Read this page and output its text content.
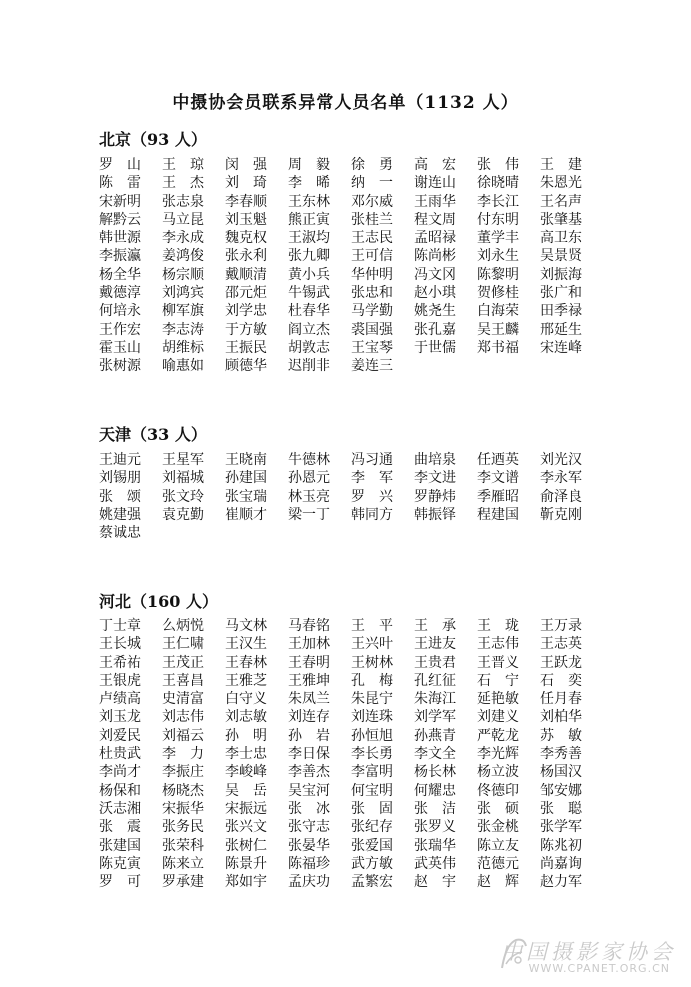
中摄协会员联系异常人员名单（1132 人）
北京（93 人）
罗　山	王　琼	闵　强	周　毅	徐　勇	高　宏	张　伟	王　建
陈　雷	王　杰	刘　琦	李　晞	纳　一	谢连山	徐晓晴	朱恩光
宋新明	张志泉	李春顺	王东林	邓尔威	王雨华	李长江	王名声
解黔云	马立昆	刘玉魁	熊正寅	张桂兰	程文周	付东明	张肇基
韩世源	李永成	魏克权	王淑均	王志民	孟昭禄	董学丰	高卫东
李振瀛	姜鸿俊	张永利	张九卿	王可信	陈尚彬	刘永生	吴景贤
杨全华	杨宗顺	戴顺清	黄小兵	华仲明	冯文冈	陈黎明	刘振海
戴德淳	刘鸿宾	邵元炬	牛锡武	张忠和	赵小琪	贺修桂	张广和
何培永	柳军旗	刘学忠	杜春华	马学勤	姚尧生	白海荣	田季禄
王作宏	李志涛	于方敏	阎立杰	裘国强	张孔嘉	吴王麟	邢延生
霍玉山	胡维标	王振民	胡敦志	王宝琴	于世儒	郑书福	宋连峰
张树源	喻惠如	顾德华	迟削非	姜连三
天津（33 人）
王迪元	王星军	王晓南	牛德林	冯习通	曲培泉	任迺英	刘光汉
刘锡朋	刘福城	孙建国	孙恩元	李　军	李文进	李文谱	李永军
张　颂	张文玲	张宝瑞	林玉亮	罗　兴	罗静炜	季雁昭	俞泽良
姚建强	袁克勤	崔顺才	梁一丁	韩同方	韩振铎	程建国	靳克刚
蔡诚忠
河北（160 人）
丁士章	么炳悦	马文林	马春铭	王　平	王　承	王　珑	王万录
王长城	王仁啸	王汉生	王加林	王兴叶	王进友	王志伟	王志英
王希祐	王茂正	王春林	王春明	王树林	王贵君	王晋义	王跃龙
王银虎	王喜昌	王雅芝	王雅坤	孔　梅	孔红征	石　宁	石　奕
卢绩高	史清富	白守义	朱凤兰	朱昆宁	朱海江	延艳敏	任月春
刘玉龙	刘志伟	刘志敏	刘连存	刘连珠	刘学军	刘建义	刘柏华
刘爱民	刘福云	孙　明	孙　岩	孙恒旭	孙燕青	严乾龙	苏　敏
杜贵武	李　力	李士忠	李日保	李长勇	李文全	李光辉	李秀善
李尚才	李振庄	李峻峰	李善杰	李富明	杨长林	杨立波	杨国汉
杨保和	杨晓杰	吴　岳	吴宝河	何宝明	何耀忠	佟德印	邹安娜
沃志湘	宋振华	宋振远	张　冰	张　固	张　洁	张　硕	张　聪
张　震	张务民	张兴文	张守志	张纪存	张罗义	张金桃	张学军
张建国	张荣科	张树仁	张晏华	张爱国	张瑞华	陈立友	陈兆初
陈克寅	陈来立	陈景升	陈福珍	武方敏	武英伟	范德元	尚嘉询
罗　可	罗承建	郑如宇	孟庆功	孟繁宏	赵　宇	赵　辉	赵力军
中国摄影家协会
WWW.CPANET.ORG.CN
